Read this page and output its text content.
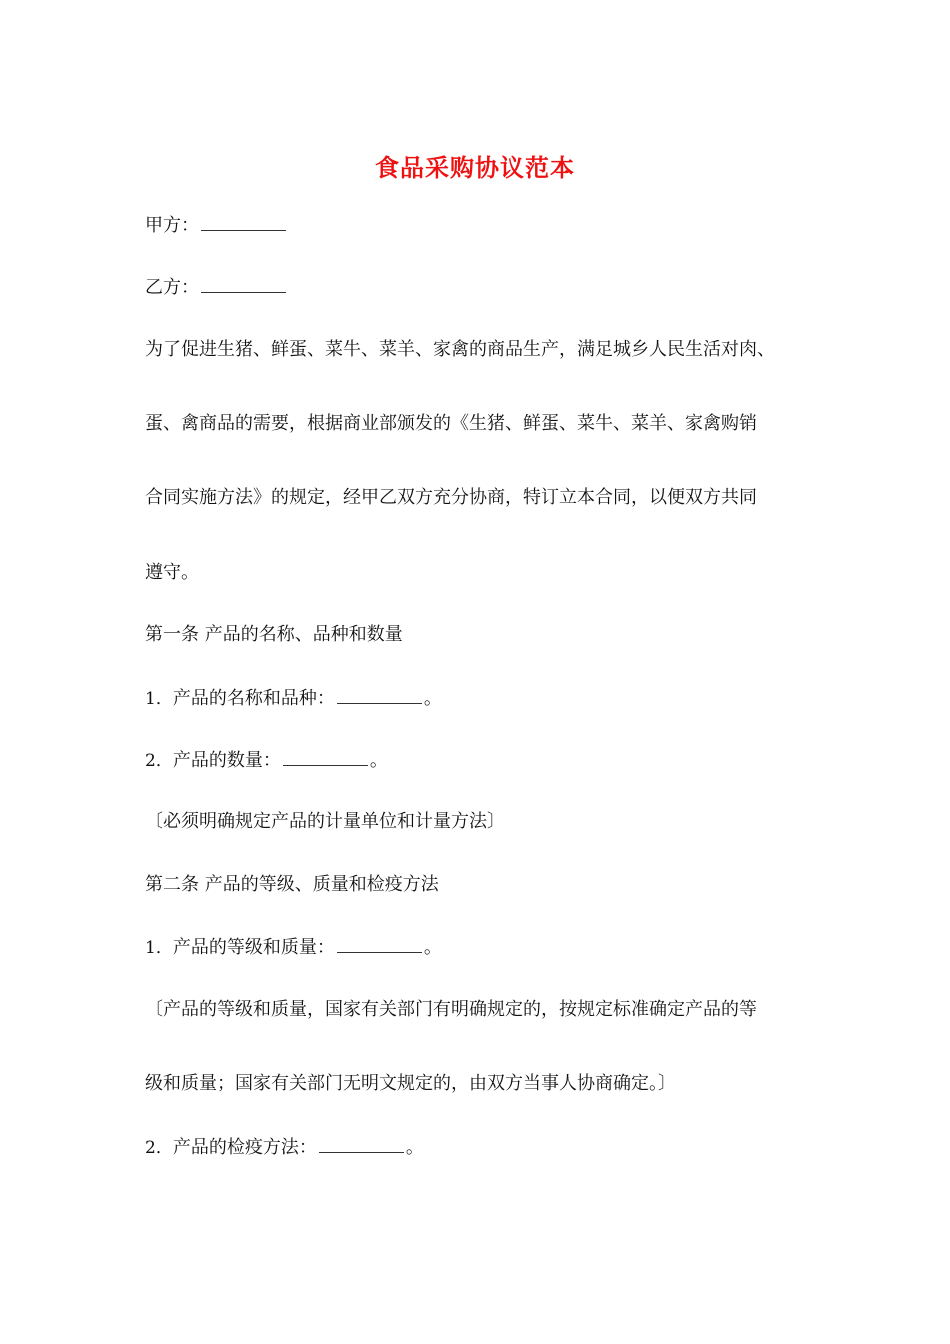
食品采购协议范本
甲方：
乙方：
为了促进生猪、鲜蛋、菜牛、菜羊、家禽的商品生产，满足城乡人民生活对肉、
蛋、禽商品的需要，根据商业部颁发的《生猪、鲜蛋、菜牛、菜羊、家禽购销
合同实施方法》的规定，经甲乙双方充分协商，特订立本合同，以便双方共同
遵守。
第一条 产品的名称、品种和数量
1．产品的名称和品种：	。
2．产品的数量：	。
〔必须明确规定产品的计量单位和计量方法〕
第二条 产品的等级、质量和检疫方法
1．产品的等级和质量：	。
〔产品的等级和质量，国家有关部门有明确规定的，按规定标准确定产品的等
级和质量；国家有关部门无明文规定的，由双方当事人协商确定。〕
2．产品的检疫方法：	。
